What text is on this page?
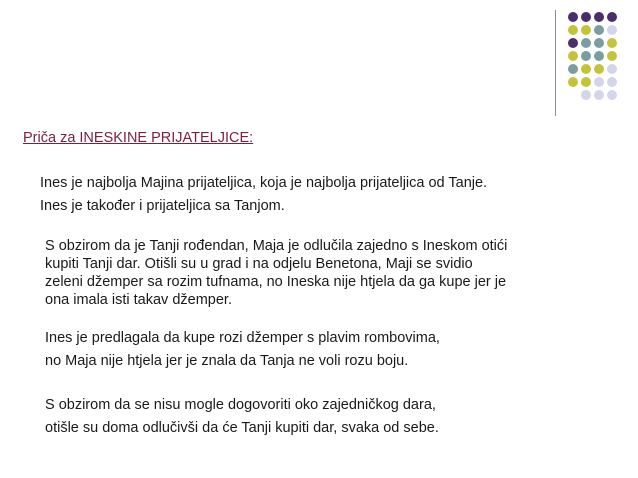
Priča za INESKINE PRIJATELJICE:
Ines je najbolja Majina prijateljica, koja je najbolja prijateljica od Tanje.
Ines je također i prijateljica sa Tanjom.
S obzirom da je Tanji rođendan, Maja je odlučila zajedno s Ineskom otići
kupiti Tanji dar. Otišli su u grad i na odjelu Benetona, Maji se svidio
zeleni džemper sa rozim tufnama, no Ineska nije htjela da ga kupe jer je
ona imala isti takav džemper.
Ines je predlagala da kupe rozi džemper s plavim rombovima,
no Maja nije htjela jer je znala da Tanja ne voli rozu boju.
S obzirom da se nisu mogle dogovoriti oko zajedničkog dara,
otišle su doma odlučivši da će Tanji kupiti dar, svaka od sebe.
